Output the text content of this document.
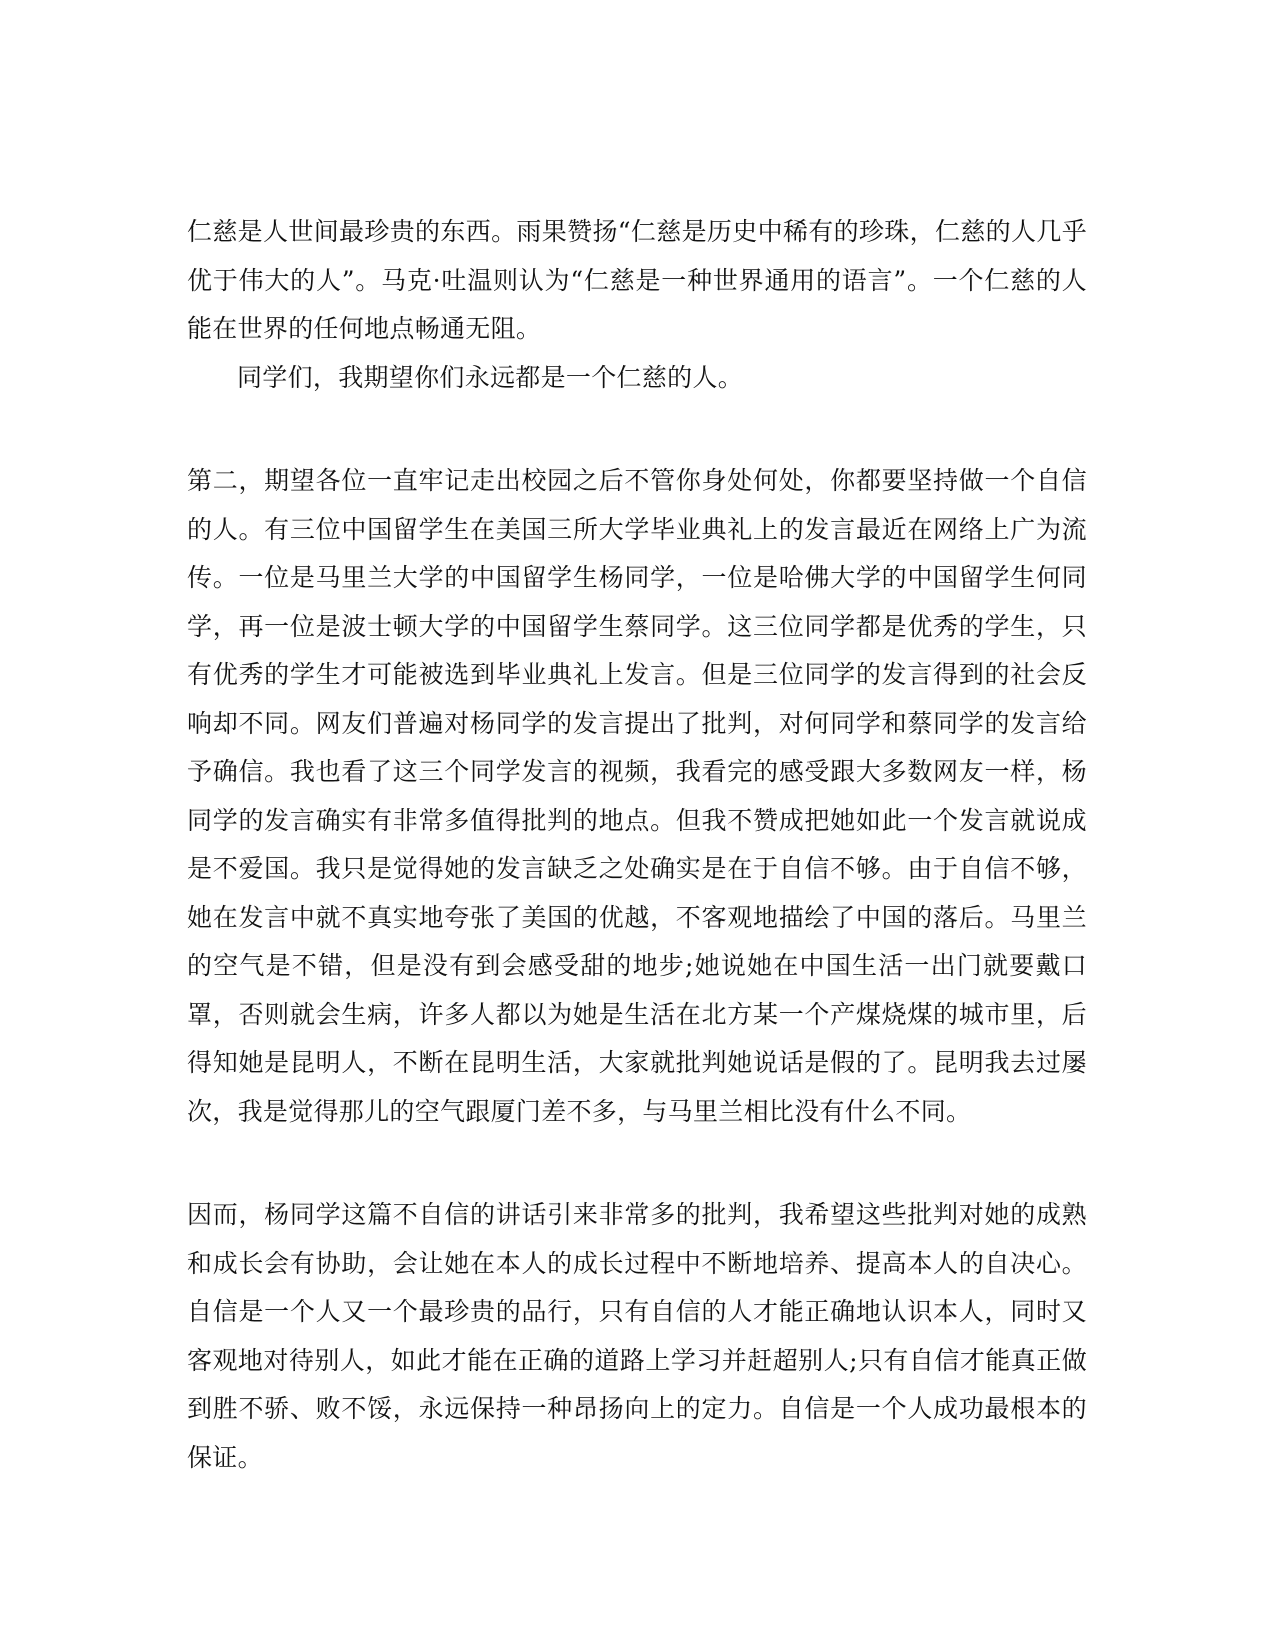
仁慈是人世间最珍贵的东西。雨果赞扬“仁慈是历史中稀有的珍珠，仁慈的人几乎优于伟大的人”。马克·吐温则认为“仁慈是一种世界通用的语言”。一个仁慈的人能在世界的任何地点畅通无阻。

同学们，我期望你们永远都是一个仁慈的人。

第二，期望各位一直牢记走出校园之后不管你身处何处，你都要坚持做一个自信的人。有三位中国留学生在美国三所大学毕业典礼上的发言最近在网络上广为流传。一位是马里兰大学的中国留学生杨同学，一位是哈佛大学的中国留学生何同学，再一位是波士顿大学的中国留学生蔡同学。这三位同学都是优秀的学生，只有优秀的学生才可能被选到毕业典礼上发言。但是三位同学的发言得到的社会反响却不同。网友们普遍对杨同学的发言提出了批判，对何同学和蔡同学的发言给予确信。我也看了这三个同学发言的视频，我看完的感受跟大多数网友一样，杨同学的发言确实有非常多值得批判的地点。但我不赞成把她如此一个发言就说成是不爱国。我只是觉得她的发言缺乏之处确实是在于自信不够。由于自信不够，她在发言中就不真实地夸张了美国的优越，不客观地描绘了中国的落后。马里兰的空气是不错，但是没有到会感受甜的地步;她说她在中国生活一出门就要戴口罩，否则就会生病，许多人都以为她是生活在北方某一个产煤烧煤的城市里，后得知她是昆明人，不断在昆明生活，大家就批判她说话是假的了。昆明我去过屡次，我是觉得那儿的空气跟厦门差不多，与马里兰相比没有什么不同。

因而，杨同学这篇不自信的讲话引来非常多的批判，我希望这些批判对她的成熟和成长会有协助，会让她在本人的成长过程中不断地培养、提高本人的自决心。自信是一个人又一个最珍贵的品行，只有自信的人才能正确地认识本人，同时又客观地对待别人，如此才能在正确的道路上学习并赶超别人;只有自信才能真正做到胜不骄、败不馁，永远保持一种昂扬向上的定力。自信是一个人成功最根本的保证。
